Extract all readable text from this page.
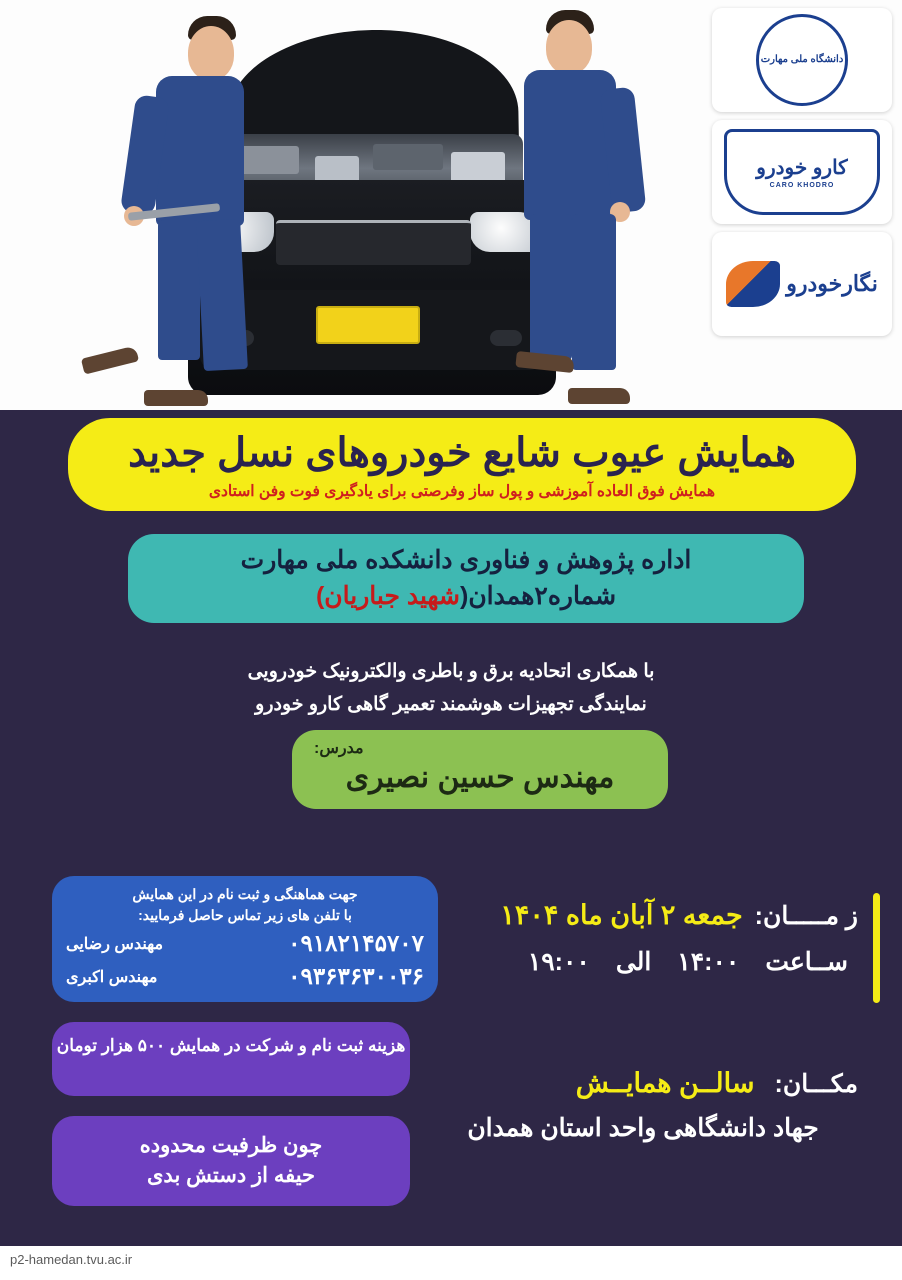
دانشگاه ملی مهارت
کارو خودرو
CARO KHODRO
نگارخودرو
همایش عیوب شایع خودروهای نسل جدید
همایش فوق العاده آموزشی و پول ساز وفرصتی برای یادگیری فوت وفن استادی
اداره پژوهش و فناوری دانشکده ملی مهارت
شماره۲همدان(شهید جباریان)
با همکاری اتحادیه برق و باطری والکترونیک خودرویی
نمایندگی تجهیزات هوشمند تعمیر گاهی کارو خودرو
مدرس:
مهندس حسین نصیری
جهت هماهنگی و ثبت نام در این همایش
با تلفن های زیر تماس حاصل فرمایید:
۰۹۱۸۲۱۴۵۷۰۷
مهندس رضایی
۰۹۳۶۳۶۳۰۰۳۶
مهندس اکبری
هزینه ثبت نام و شرکت در همایش ۵۰۰ هزار تومان
چون ظرفیت محدوده
حیفه از دستش بدی
ز مـــــان:
جمعه ۲ آبان ماه ۱۴۰۴
ســاعت
۱۴:۰۰
الی
۱۹:۰۰
مکـــان:
سالــن همایــش
جهاد دانشگاهی واحد استان همدان
p2-hamedan.tvu.ac.ir
